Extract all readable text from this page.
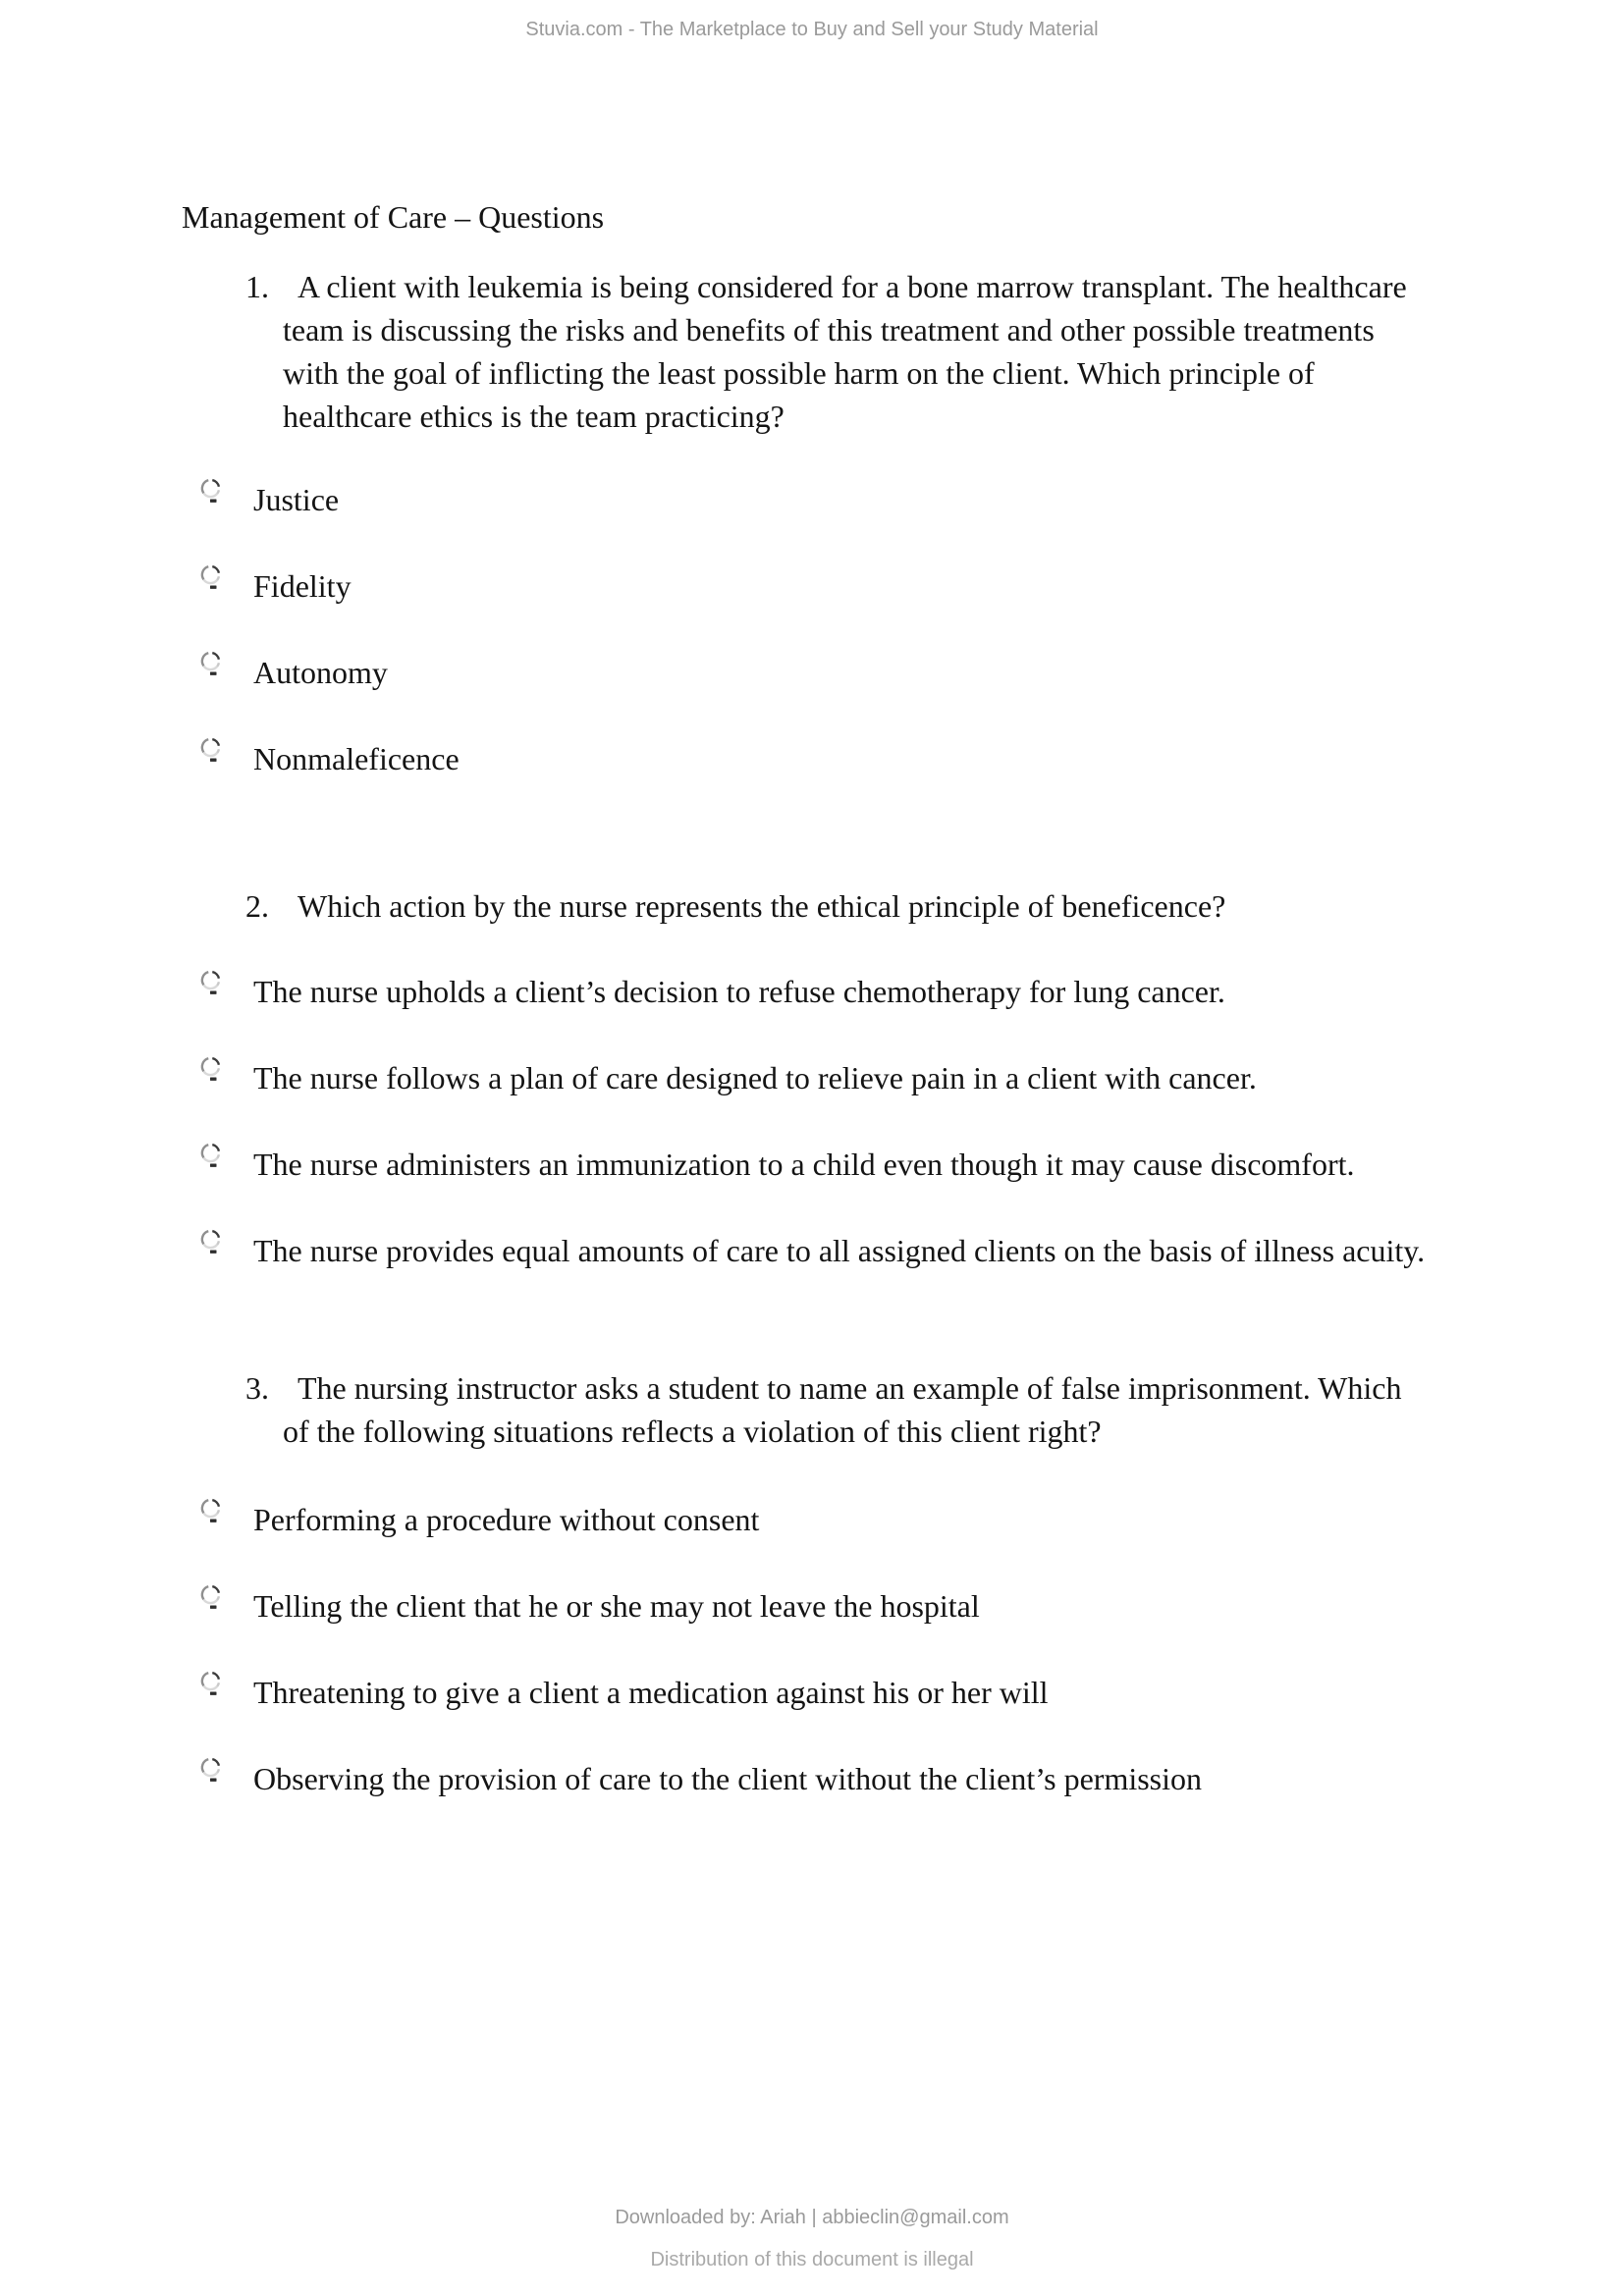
Stuvia.com - The Marketplace to Buy and Sell your Study Material
Management of Care – Questions
1. A client with leukemia is being considered for a bone marrow transplant. The healthcare
team is discussing the risks and benefits of this treatment and other possible treatments
with the goal of inflicting the least possible harm on the client. Which principle of
healthcare ethics is the team practicing?
Justice
Fidelity
Autonomy
Nonmaleficence
2. Which action by the nurse represents the ethical principle of beneficence?
The nurse upholds a client’s decision to refuse chemotherapy for lung cancer.
The nurse follows a plan of care designed to relieve pain in a client with cancer.
The nurse administers an immunization to a child even though it may cause discomfort.
The nurse provides equal amounts of care to all assigned clients on the basis of illness acuity.
3. The nursing instructor asks a student to name an example of false imprisonment. Which
of the following situations reflects a violation of this client right?
Performing a procedure without consent
Telling the client that he or she may not leave the hospital
Threatening to give a client a medication against his or her will
Observing the provision of care to the client without the client’s permission
Downloaded by: Ariah | abbieclin@gmail.com
Distribution of this document is illegal
